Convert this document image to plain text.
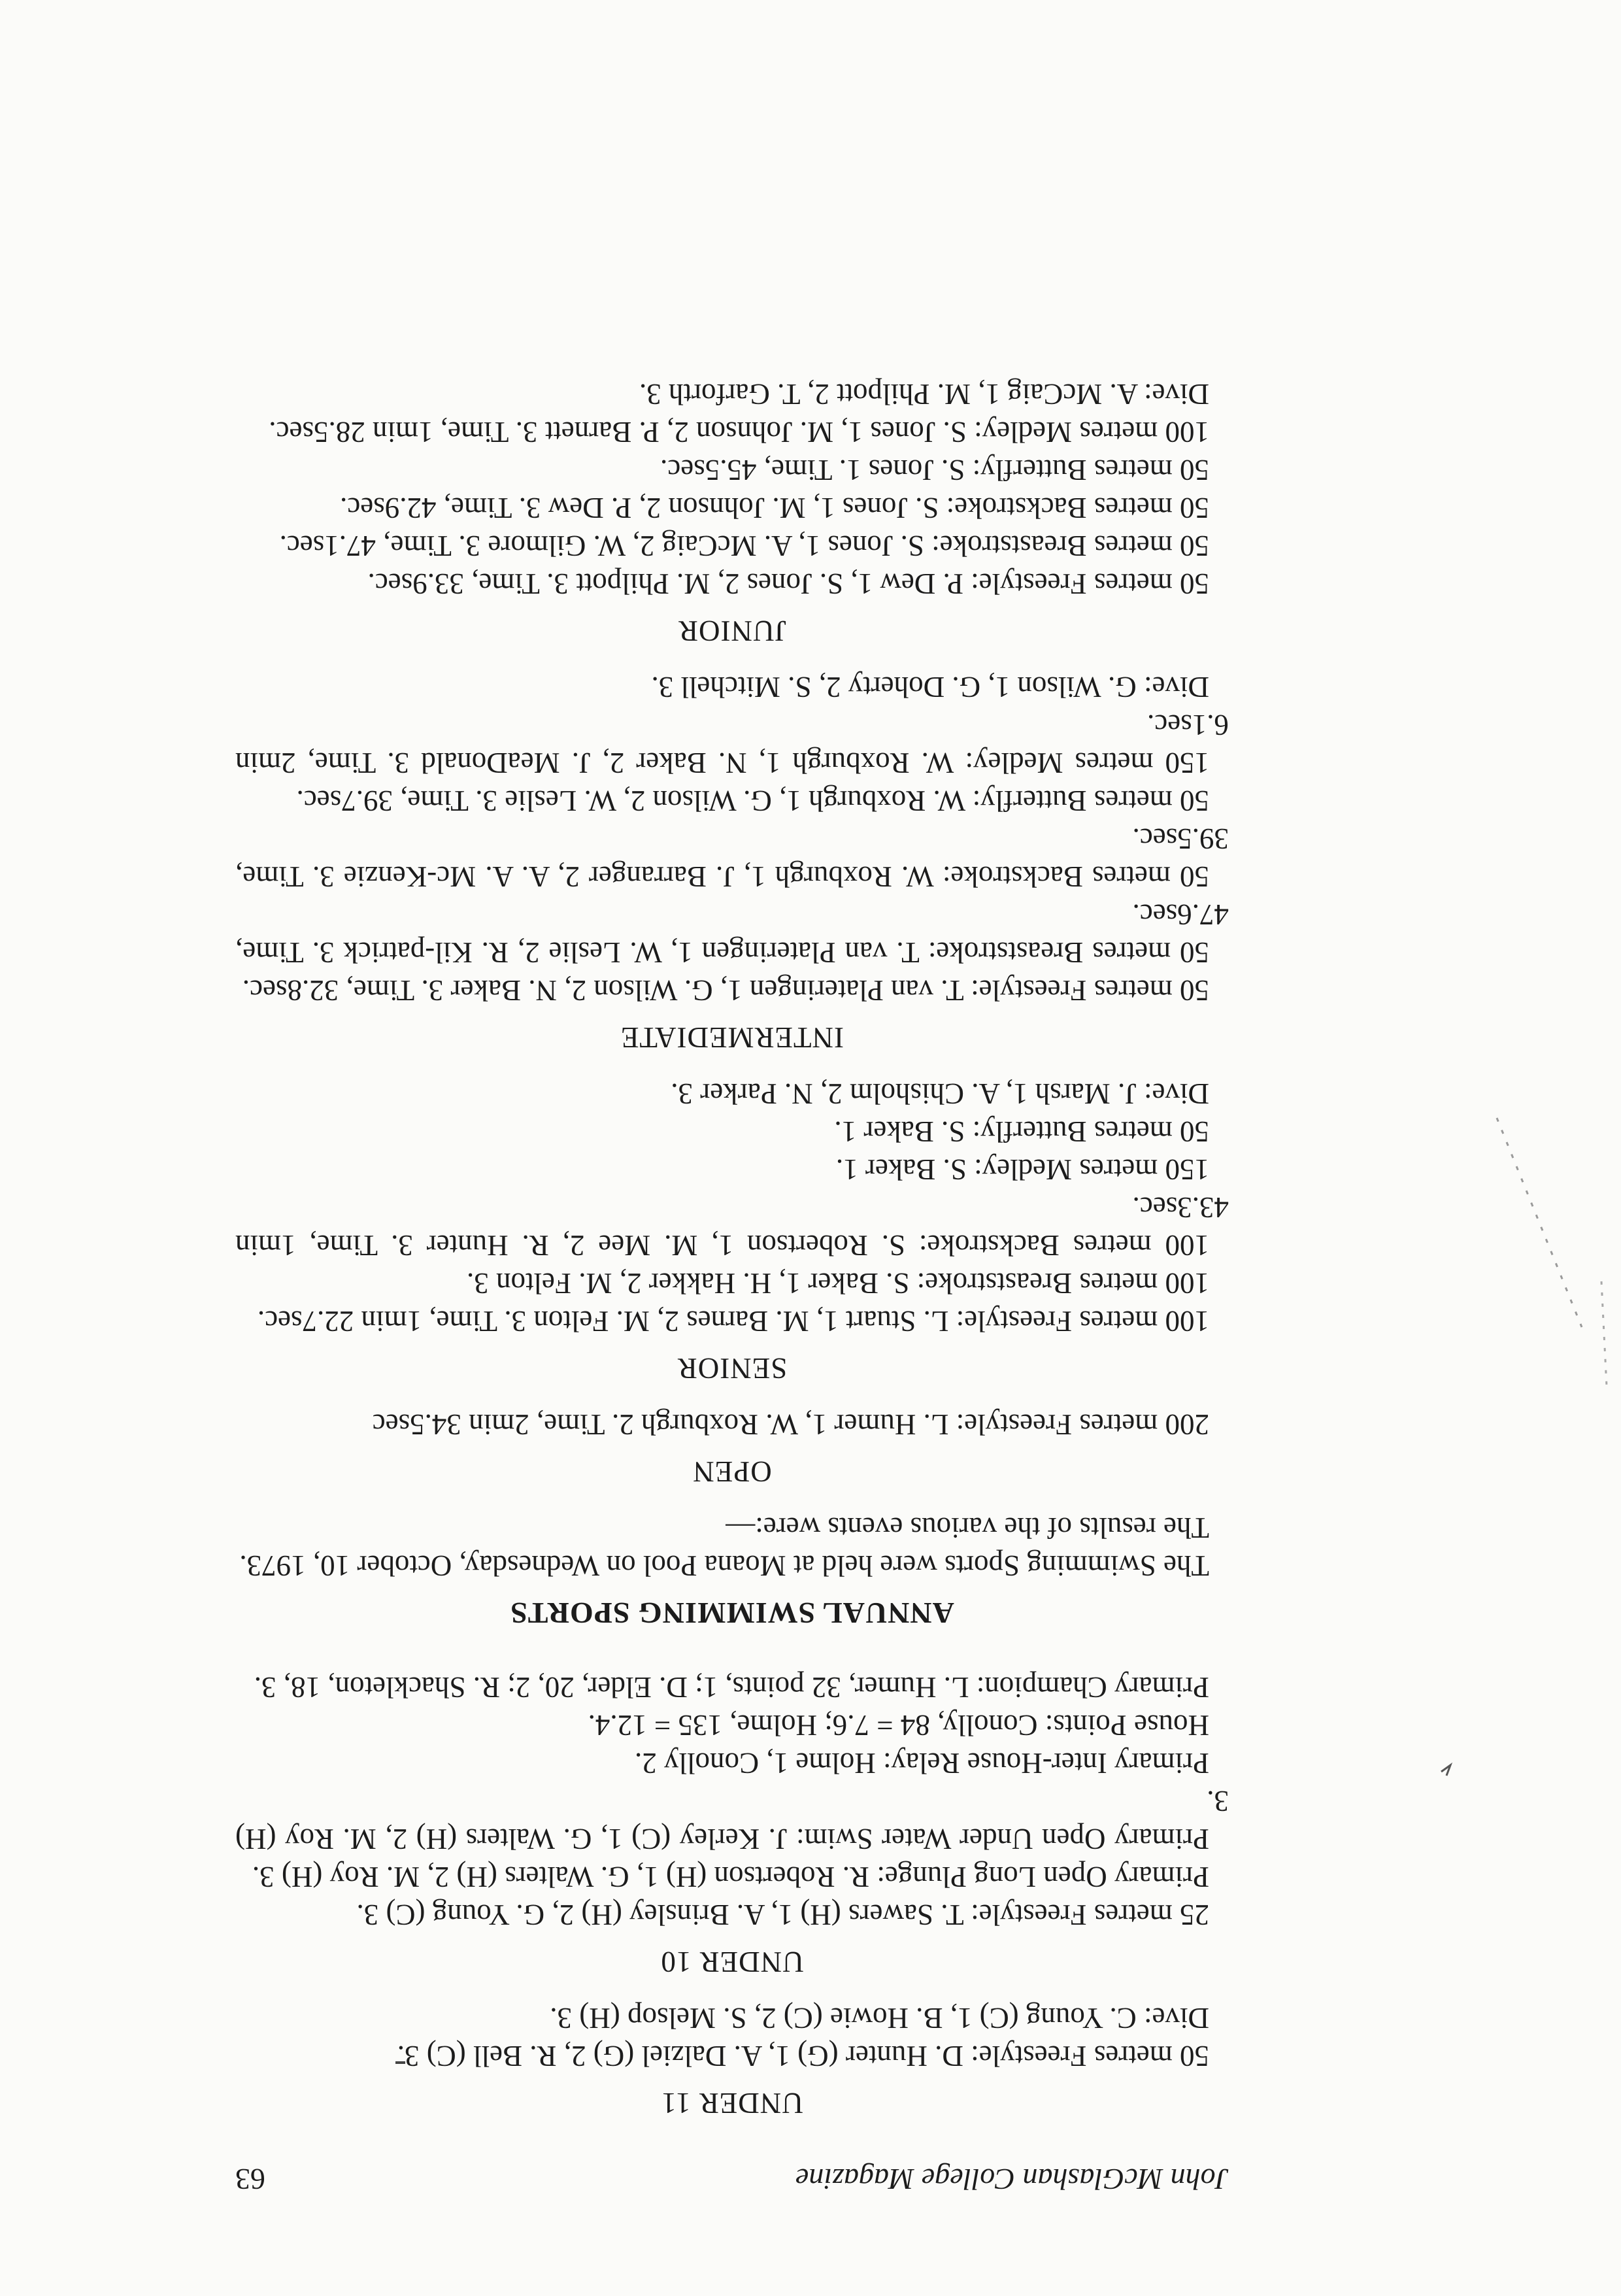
John McGlashan College Magazine
63
UNDER 11

50 metres Freestyle: D. Hunter (G) 1, A. Dalziel (G) 2, R. Bell (C) 3.

Dive: C. Young (C) 1, B. Howie (C) 2, S. Melsop (H) 3.

UNDER 10

25 metres Freestyle: T. Sawers (H) 1, A. Brinsley (H) 2, G. Young (C) 3.

Primary Open Long Plunge: R. Robertson (H) 1, G. Walters (H) 2, M. Roy (H) 3.

Primary Open Under Water Swim: J. Kerley (C) 1, G. Walters (H) 2, M. Roy (H) 3.

Primary Inter-House Relay: Holme 1, Conolly 2.

House Points: Conolly, 84 = 7.6; Holme, 135 = 12.4.

Primary Champion: L. Humer, 32 points, 1; D. Elder, 20, 2; R. Shackleton, 18, 3.

ANNUAL SWIMMING SPORTS

The Swimming Sports were held at Moana Pool on Wednesday, October 10, 1973.

The results of the various events were:—

OPEN

200 metres Freestyle: L. Humer 1, W. Roxburgh 2. Time, 2min 34.5sec

SENIOR

100 metres Freestyle: L. Stuart 1, M. Barnes 2, M. Felton 3. Time, 1min 22.7sec.

100 metres Breaststroke: S. Baker 1, H. Hakker 2, M. Felton 3.

100 metres Backstroke: S. Robertson 1, M. Mee 2, R. Hunter 3. Time, 1min 43.3sec.

150 metres Medley: S. Baker 1.

50 metres Butterfly: S. Baker 1.

Dive: J. Marsh 1, A. Chisholm 2, N. Parker 3.

INTERMEDIATE

50 metres Freestyle: T. van Plateringen 1, G. Wilson 2, N. Baker 3. Time, 32.8sec.

50 metres Breaststroke: T. van Plateringen 1, W. Leslie 2, R. Kil-patrick 3. Time, 47.6sec.

50 metres Backstroke: W. Roxburgh 1, J. Barranger 2, A. A. Mc-Kenzie 3. Time, 39.5sec.

50 metres Butterfly: W. Roxburgh 1, G. Wilson 2, W. Leslie 3. Time, 39.7sec.

150 metres Medley: W. Roxburgh 1, N. Baker 2, J. MeaDonald 3. Time, 2min 6.1sec.

Dive: G. Wilson 1, G. Doherty 2, S. Mitchell 3.

JUNIOR

50 metres Freestyle: P. Dew 1, S. Jones 2, M. Philpott 3. Time, 33.9sec.

50 metres Breaststroke: S. Jones 1, A. McCaig 2, W. Gilmore 3. Time, 47.1sec.

50 metres Backstroke: S. Jones 1, M. Johnson 2, P. Dew 3. Time, 42.9sec.

50 metres Butterfly: S. Jones 1. Time, 45.5sec.

100 metres Medley: S. Jones 1, M. Johnson 2, P. Barnett 3. Time, 1min 28.5sec.

Dive: A. McCaig 1, M. Philpott 2, T. Garforth 3.
